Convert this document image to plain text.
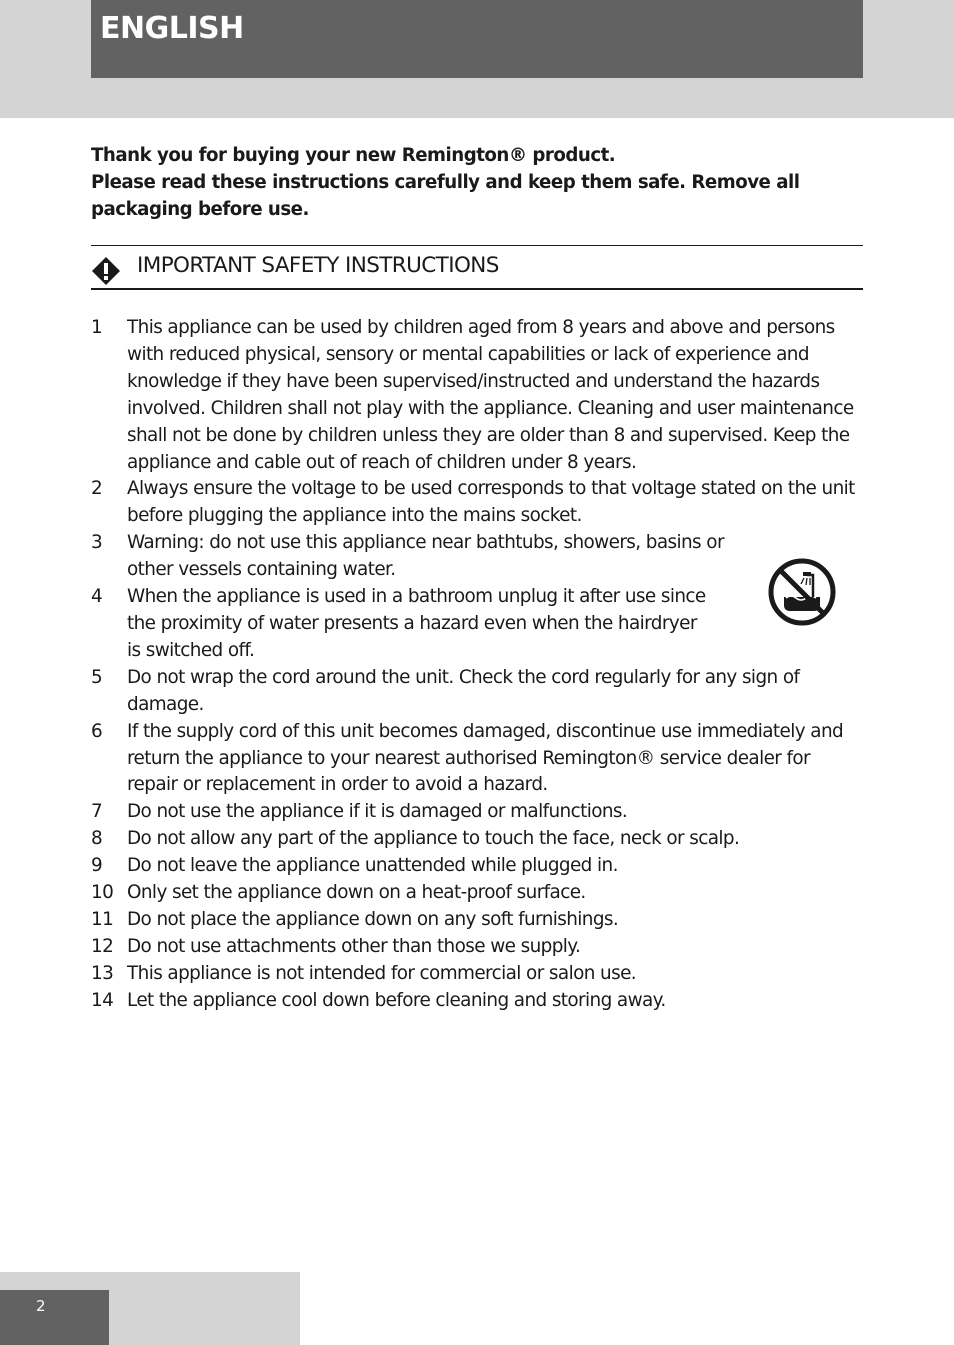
ENGLISH

Thank you for buying your new Remington® product.

Please read these instructions carefully and keep them safe. Remove all packaging before use.

IMPORTANT SAFETY INSTRUCTIONS
1 This appliance can be used by children aged from 8 years and above and persons with reduced physical, sensory or mental capabilities or lack of experience and knowledge if they have been supervised/instructed and understand the hazards involved. Children shall not play with the appliance. Cleaning and user maintenance shall not be done by children unless they are older than 8 and supervised. Keep the appliance and cable out of reach of children under 8 years.
2 Always ensure the voltage to be used corresponds to that voltage stated on the unit before plugging the appliance into the mains socket.
3 Warning: do not use this appliance near bathtubs, showers, basins or other vessels containing water.
4 When the appliance is used in a bathroom unplug it after use since the proximity of water presents a hazard even when the hairdryer is switched off.
5 Do not wrap the cord around the unit. Check the cord regularly for any sign of damage.
6 If the supply cord of this unit becomes damaged, discontinue use immediately and return the appliance to your nearest authorised Remington® service dealer for repair or replacement in order to avoid a hazard.
7 Do not use the appliance if it is damaged or malfunctions.
8 Do not allow any part of the appliance to touch the face, neck or scalp.
9 Do not leave the appliance unattended while plugged in.
10 Only set the appliance down on a heat-proof surface.
11 Do not place the appliance down on any soft furnishings.
12 Do not use attachments other than those we supply.
13 This appliance is not intended for commercial or salon use.
14 Let the appliance cool down before cleaning and storing away.
2
